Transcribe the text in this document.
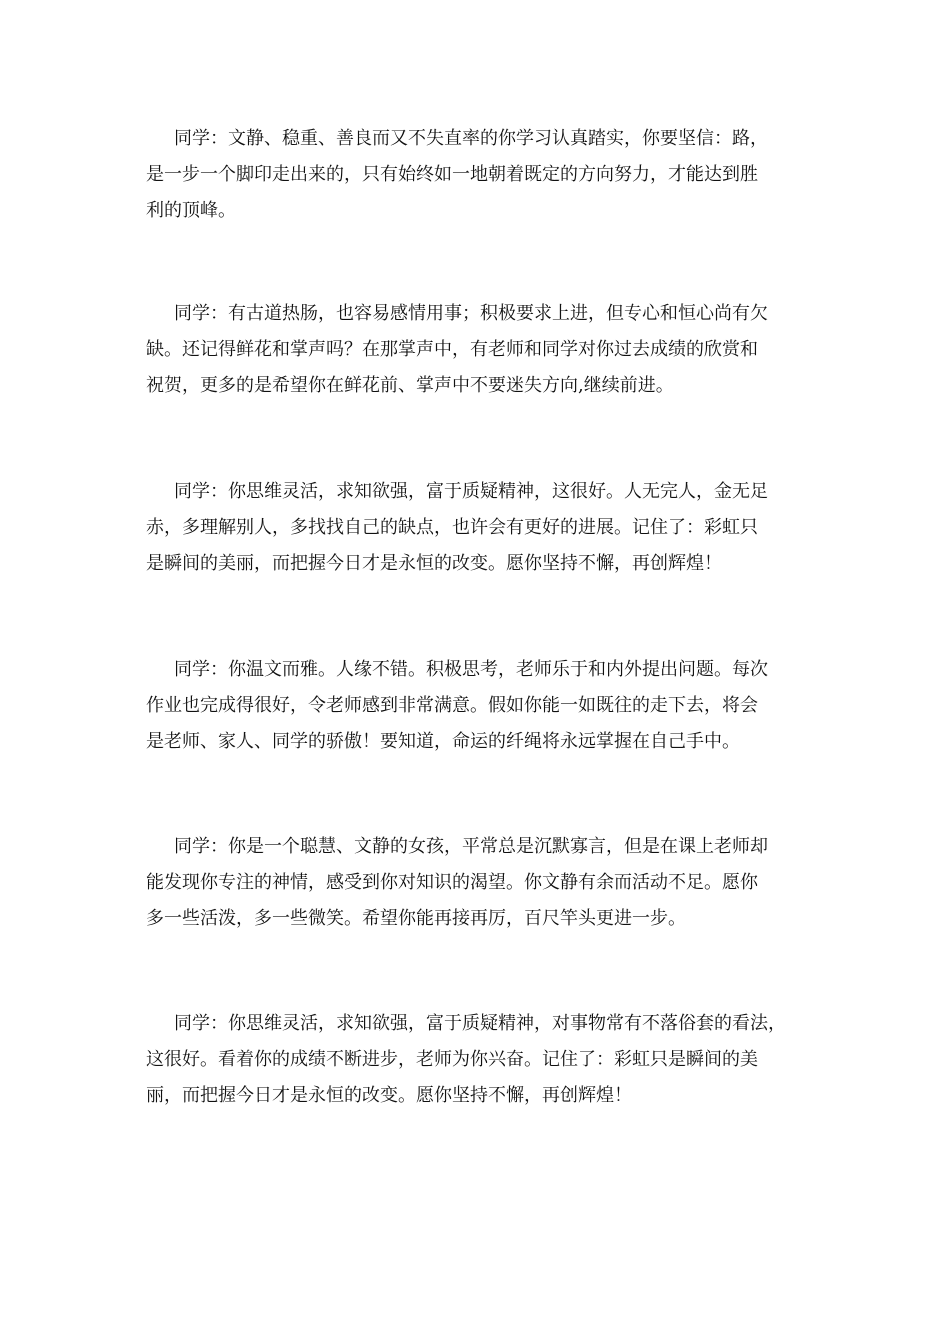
同学：文静、稳重、善良而又不失直率的你学习认真踏实，你要坚信：路，
是一步一个脚印走出来的，只有始终如一地朝着既定的方向努力，才能达到胜
利的顶峰。

同学：有古道热肠，也容易感情用事；积极要求上进，但专心和恒心尚有欠
缺。还记得鲜花和掌声吗？在那掌声中，有老师和同学对你过去成绩的欣赏和
祝贺，更多的是希望你在鲜花前、掌声中不要迷失方向,继续前进。

同学：你思维灵活，求知欲强，富于质疑精神，这很好。人无完人，金无足
赤，多理解别人，多找找自己的缺点，也许会有更好的进展。记住了：彩虹只
是瞬间的美丽，而把握今日才是永恒的改变。愿你坚持不懈，再创辉煌！

同学：你温文而雅。人缘不错。积极思考，老师乐于和内外提出问题。每次
作业也完成得很好，令老师感到非常满意。假如你能一如既往的走下去，将会
是老师、家人、同学的骄傲！要知道，命运的纤绳将永远掌握在自己手中。

同学：你是一个聪慧、文静的女孩，平常总是沉默寡言，但是在课上老师却
能发现你专注的神情，感受到你对知识的渴望。你文静有余而活动不足。愿你
多一些活泼，多一些微笑。希望你能再接再厉，百尺竿头更进一步。

同学：你思维灵活，求知欲强，富于质疑精神，对事物常有不落俗套的看法，
这很好。看着你的成绩不断进步，老师为你兴奋。记住了：彩虹只是瞬间的美
丽，而把握今日才是永恒的改变。愿你坚持不懈，再创辉煌！
